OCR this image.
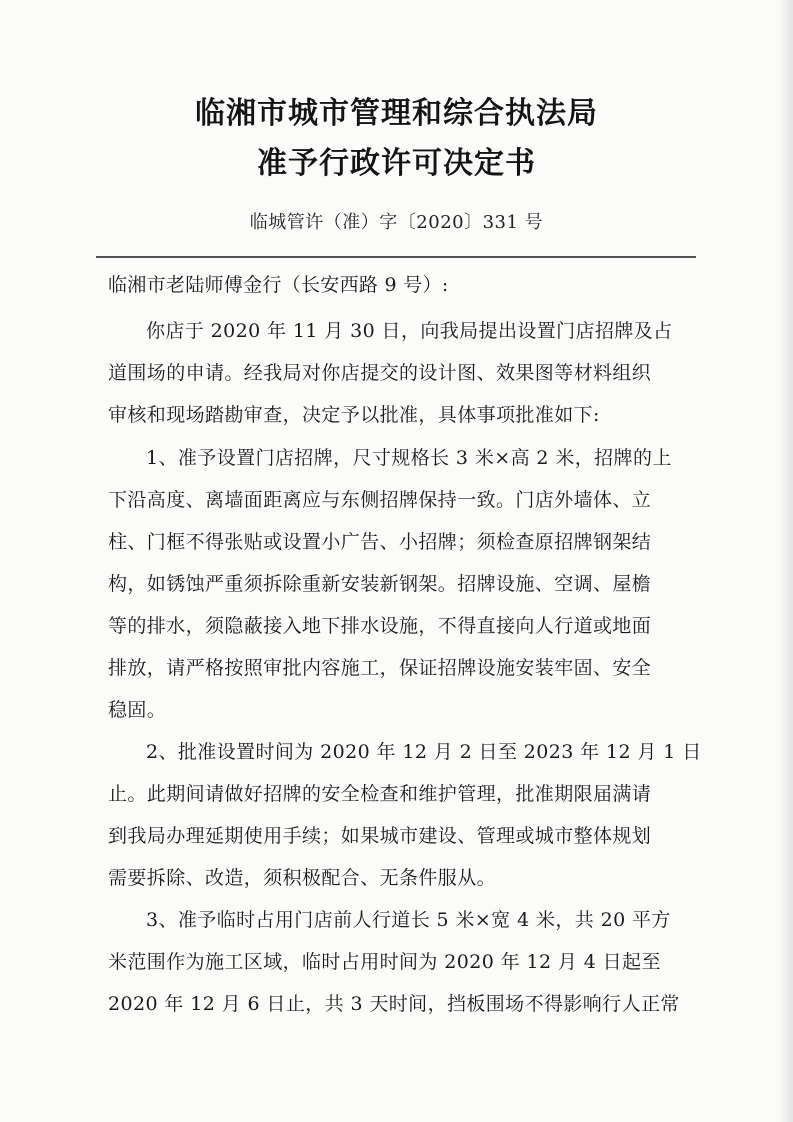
临湘市城市管理和综合执法局
准予行政许可决定书
临城管许（准）字〔2020〕331 号
临湘市老陆师傅金行（长安西路 9 号）:
你店于 2020 年 11 月 30 日，向我局提出设置门店招牌及占
道围场的申请。经我局对你店提交的设计图、效果图等材料组织
审核和现场踏勘审查，决定予以批准，具体事项批准如下:
1、准予设置门店招牌，尺寸规格长 3 米×高 2 米，招牌的上
下沿高度、离墙面距离应与东侧招牌保持一致。门店外墙体、立
柱、门框不得张贴或设置小广告、小招牌；须检查原招牌钢架结
构，如锈蚀严重须拆除重新安装新钢架。招牌设施、空调、屋檐
等的排水，须隐蔽接入地下排水设施，不得直接向人行道或地面
排放，请严格按照审批内容施工，保证招牌设施安装牢固、安全
稳固。
2、批准设置时间为 2020 年 12 月 2 日至 2023 年 12 月 1 日
止。此期间请做好招牌的安全检查和维护管理，批准期限届满请
到我局办理延期使用手续；如果城市建设、管理或城市整体规划
需要拆除、改造，须积极配合、无条件服从。
3、准予临时占用门店前人行道长 5 米×宽 4 米，共 20 平方
米范围作为施工区域，临时占用时间为 2020 年 12 月 4 日起至
2020 年 12 月 6 日止，共 3 天时间，挡板围场不得影响行人正常
